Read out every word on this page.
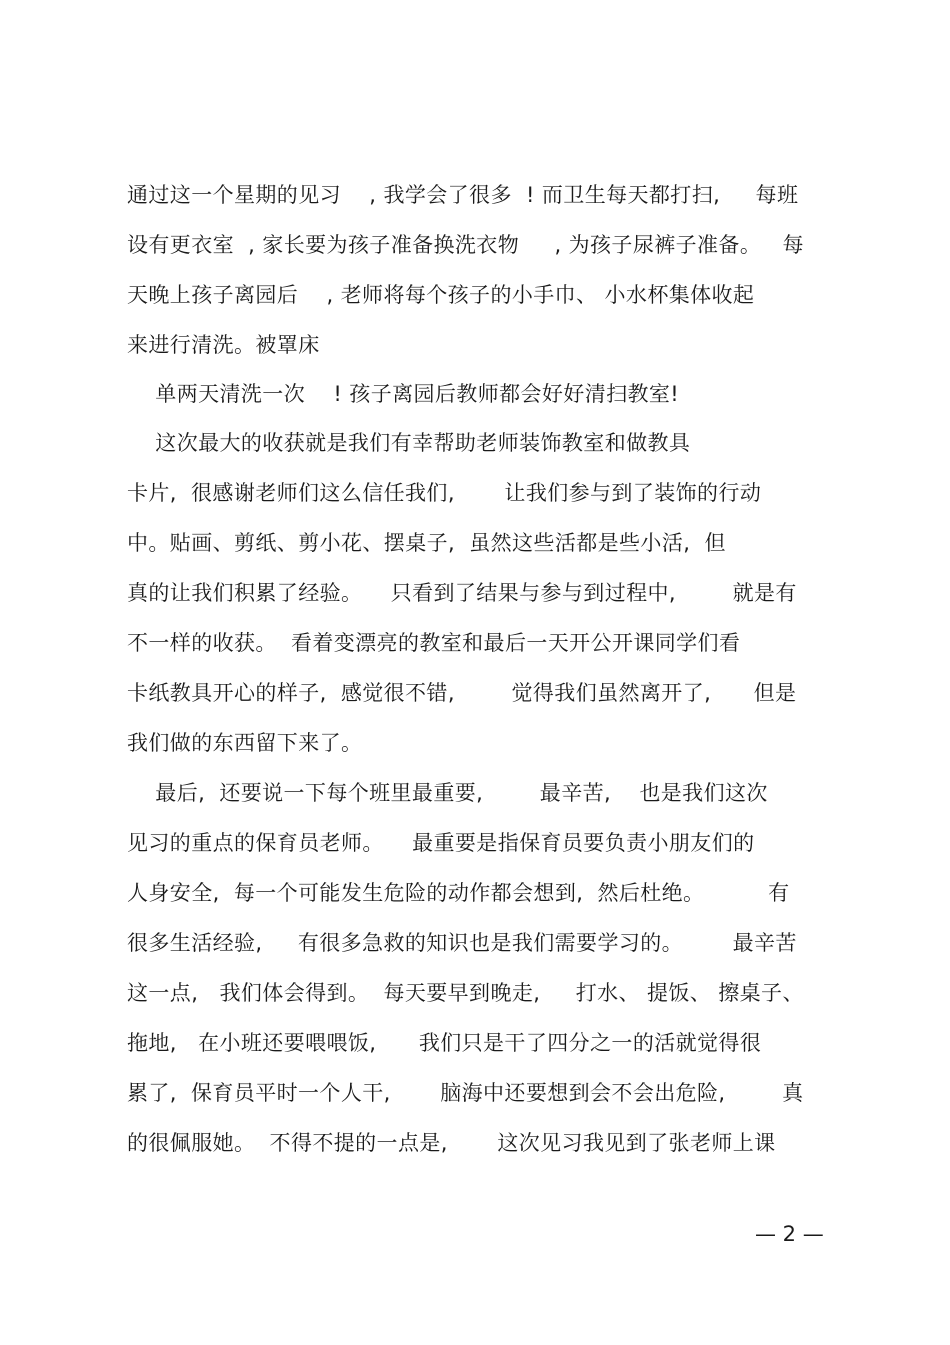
通过这一个星期的见习    , 我学会了很多  ! 而卫生每天都打扫,     每班
设有更衣室  , 家长要为孩子准备换洗衣物     , 为孩子尿裤子准备。   每
天晚上孩子离园后    , 老师将每个孩子的小手巾、 小水杯集体收起
来进行清洗。被罩床
单两天清洗一次    ! 孩子离园后教师都会好好清扫教室!
这次最大的收获就是我们有幸帮助老师装饰教室和做教具
卡片,  很感谢老师们这么信任我们,       让我们参与到了装饰的行动
中。贴画、剪纸、剪小花、摆桌子,  虽然这些活都是些小活,  但
真的让我们积累了经验。    只看到了结果与参与到过程中,        就是有
不一样的收获。  看着变漂亮的教室和最后一天开公开课同学们看
卡纸教具开心的样子,  感觉很不错,        觉得我们虽然离开了,      但是
我们做的东西留下来了。
最后,  还要说一下每个班里最重要,        最辛苦,    也是我们这次
见习的重点的保育员老师。    最重要是指保育员要负责小朋友们的
人身安全,  每一个可能发生危险的动作都会想到,  然后杜绝。         有
很多生活经验,     有很多急救的知识也是我们需要学习的。       最辛苦
这一点,   我们体会得到。  每天要早到晚走,     打水、 提饭、 擦桌子、
拖地,   在小班还要喂喂饭,      我们只是干了四分之一的活就觉得很
累了,  保育员平时一个人干,       脑海中还要想到会不会出危险,        真
的很佩服她。  不得不提的一点是,       这次见习我见到了张老师上课
— 2 —
